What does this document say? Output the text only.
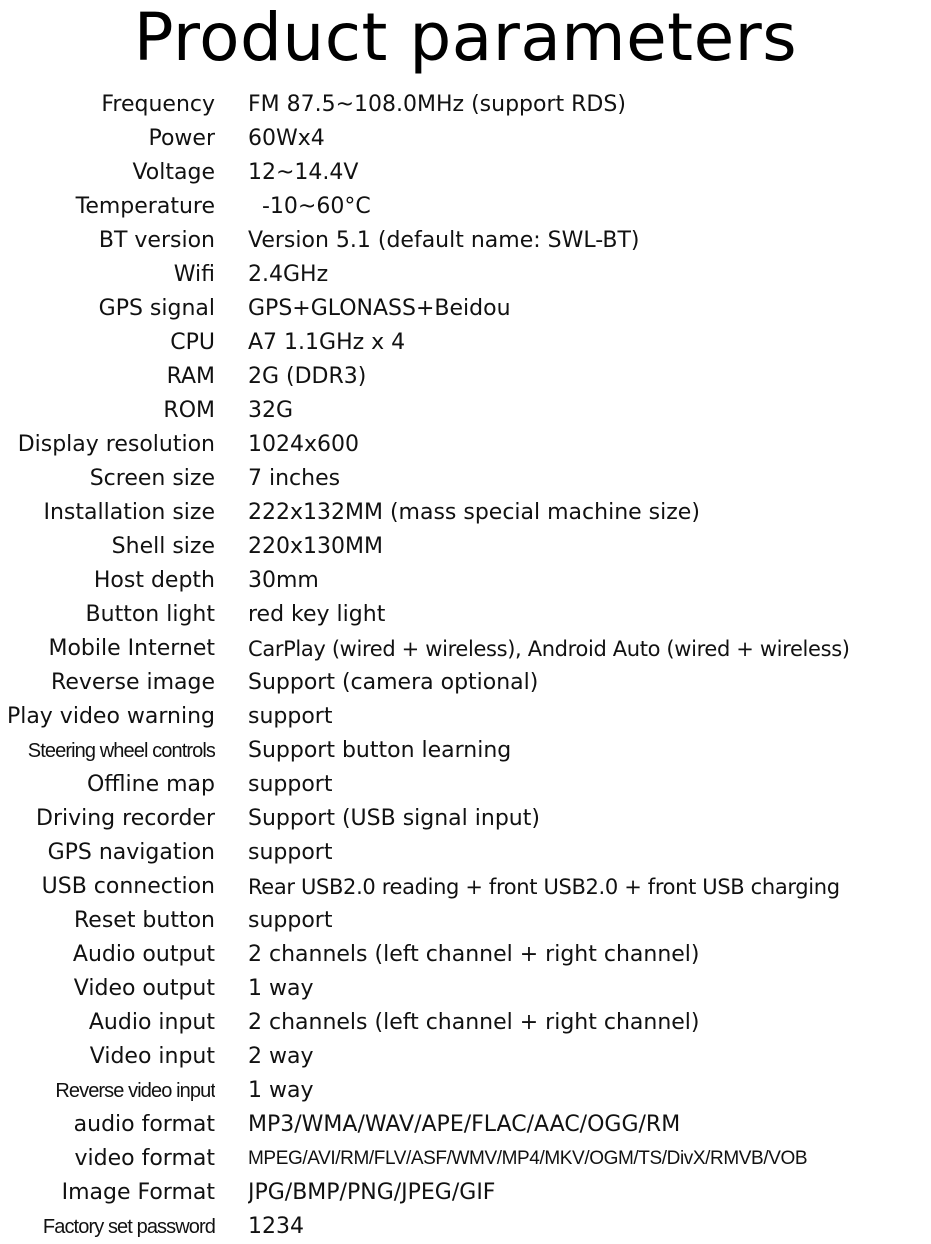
Product parameters
Frequency FM 87.5~108.0MHz (support RDS)
Power 60Wx4
Voltage 12~14.4V
Temperature -10~60°C
BT version Version 5.1 (default name: SWL-BT)
Wifi 2.4GHz
GPS signal GPS+GLONASS+Beidou
CPU A7 1.1GHz x 4
RAM 2G (DDR3)
ROM 32G
Display resolution 1024x600
Screen size 7 inches
Installation size 222x132MM (mass special machine size)
Shell size 220x130MM
Host depth 30mm
Button light red key light
Mobile Internet CarPlay (wired + wireless), Android Auto (wired + wireless)
Reverse image Support (camera optional)
Play video warning support
Steering wheel controls Support button learning
Offline map support
Driving recorder Support (USB signal input)
GPS navigation support
USB connection Rear USB2.0 reading + front USB2.0 + front USB charging
Reset button support
Audio output 2 channels (left channel + right channel)
Video output 1 way
Audio input 2 channels (left channel + right channel)
Video input 2 way
Reverse video input 1 way
audio format MP3/WMA/WAV/APE/FLAC/AAC/OGG/RM
video format MPEG/AVI/RM/FLV/ASF/WMV/MP4/MKV/OGM/TS/DivX/RMVB/VOB
Image Format JPG/BMP/PNG/JPEG/GIF
Factory set password 1234
